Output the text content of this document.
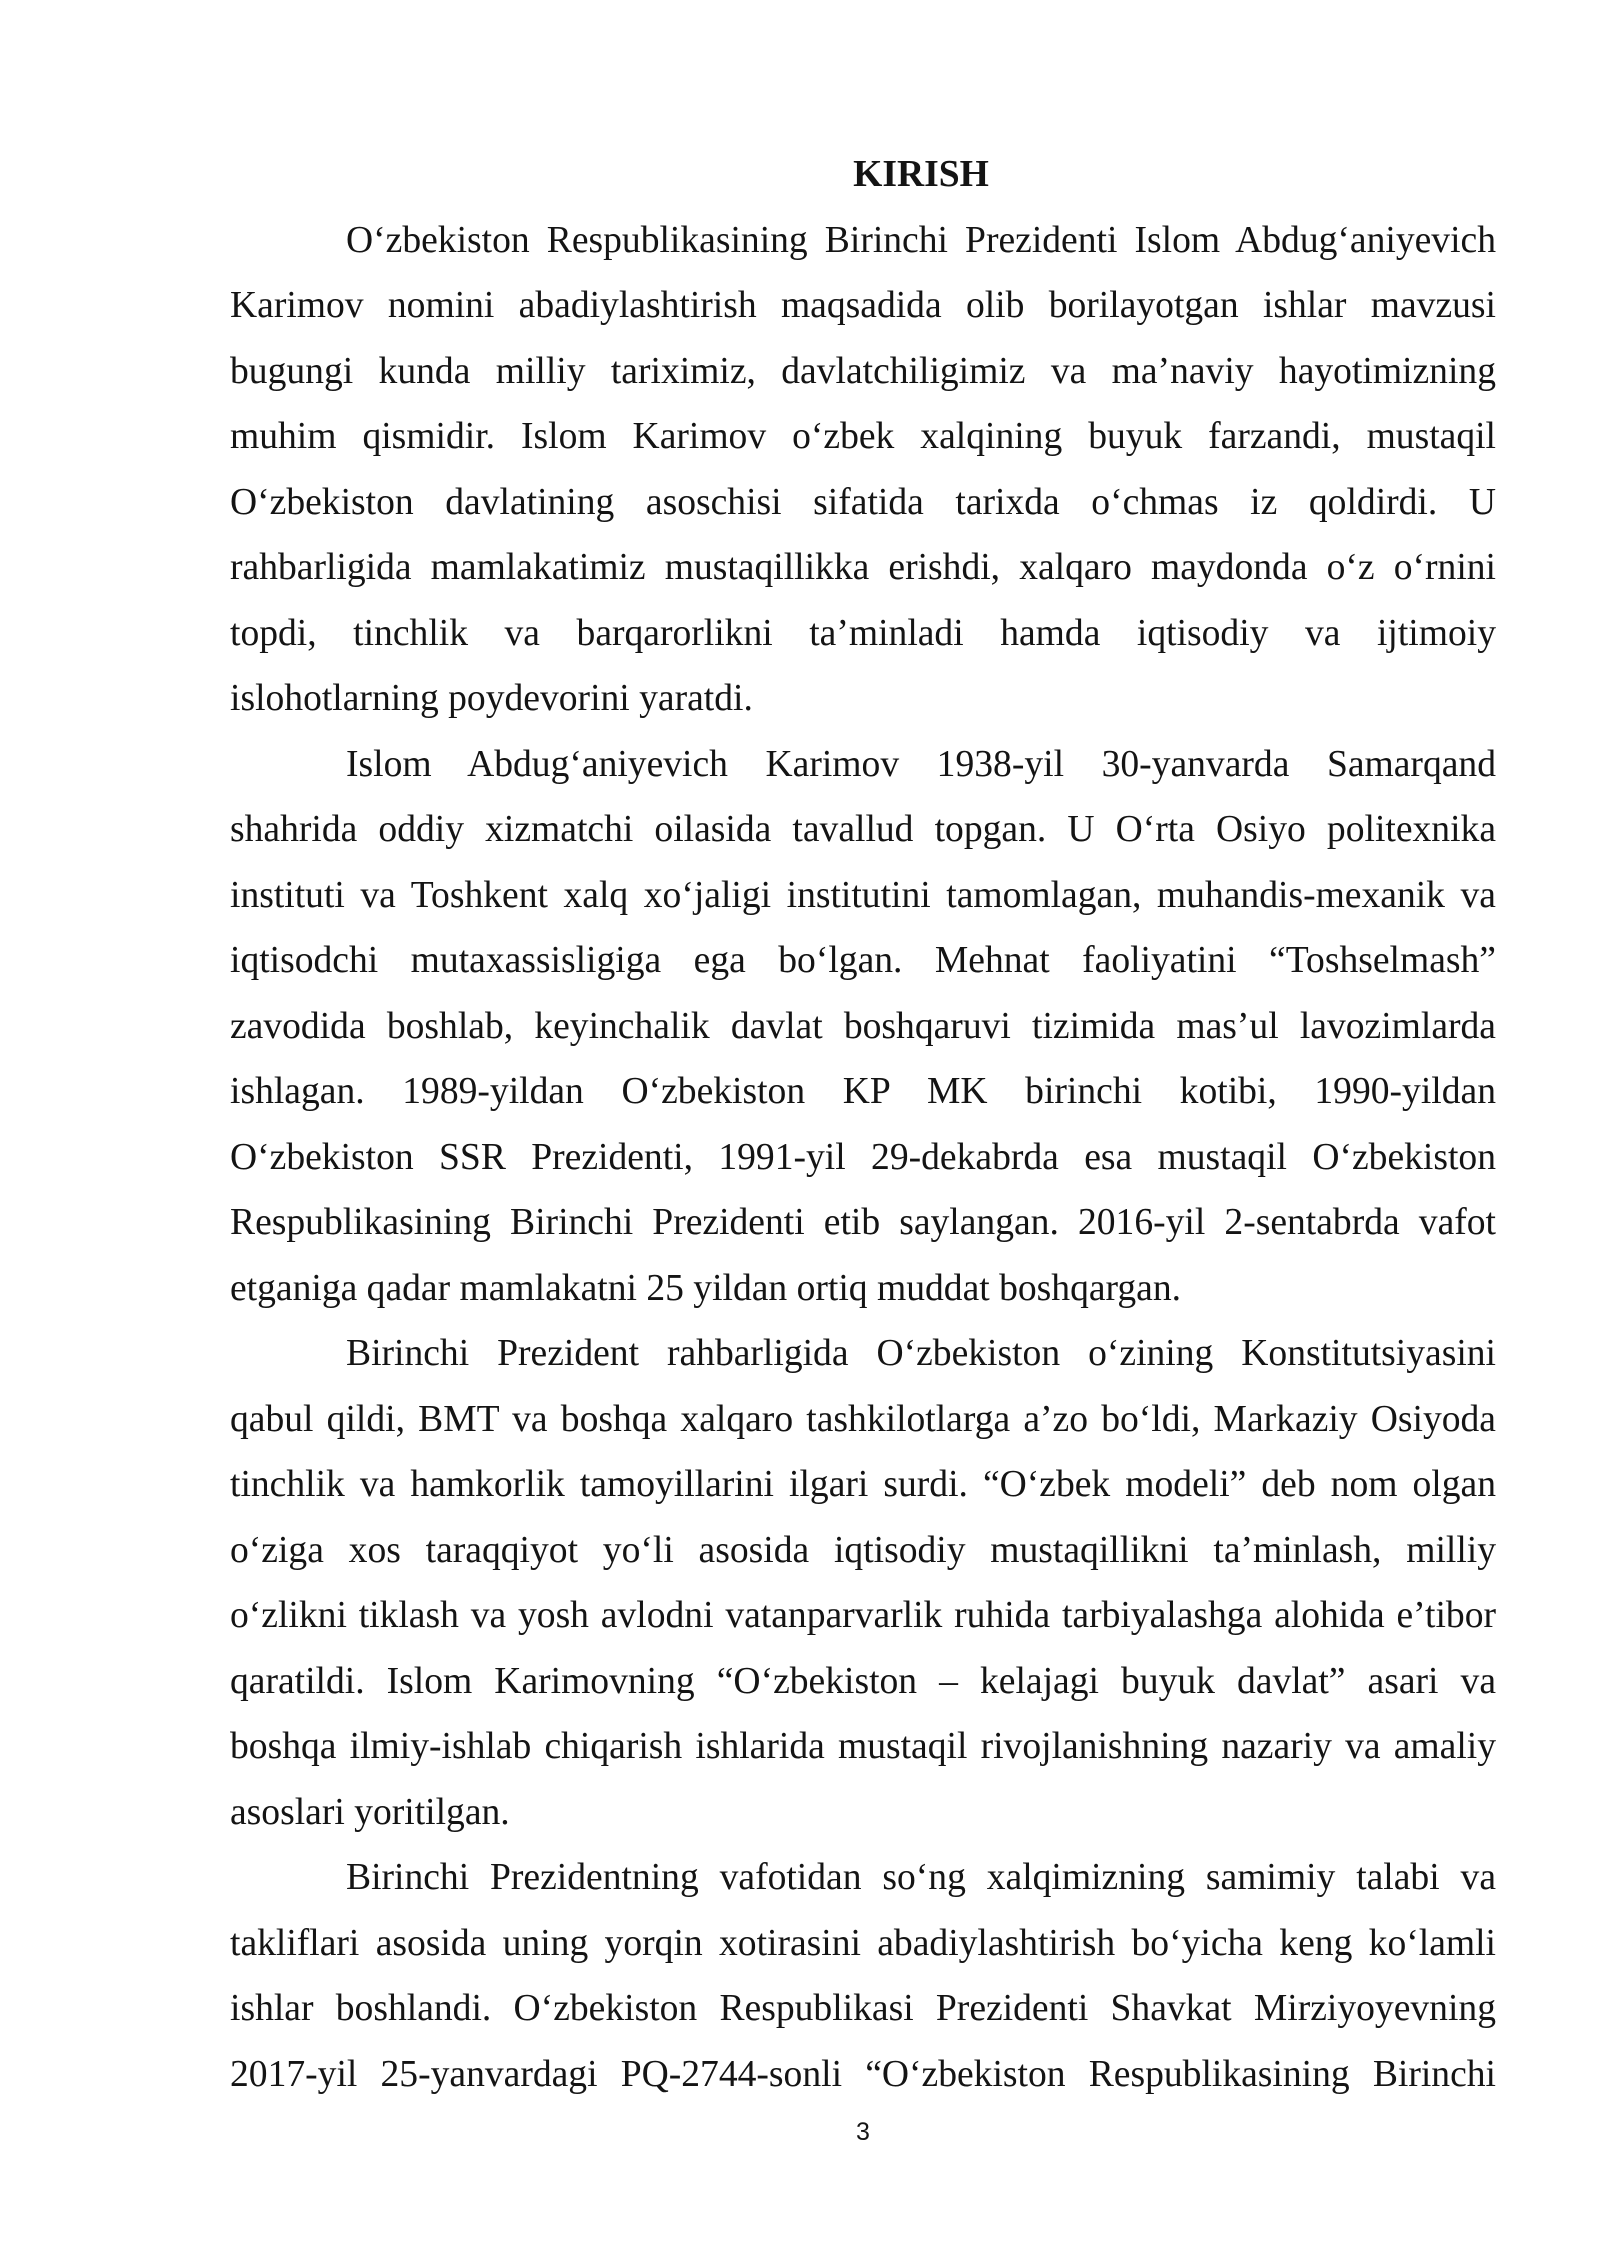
KIRISH
O‘zbekiston Respublikasining Birinchi Prezidenti Islom Abdug‘aniyevich
Karimov nomini abadiylashtirish maqsadida olib borilayotgan ishlar mavzusi
bugungi kunda milliy tariximiz, davlatchiligimiz va ma’naviy hayotimizning
muhim qismidir. Islom Karimov o‘zbek xalqining buyuk farzandi, mustaqil
O‘zbekiston davlatining asoschisi sifatida tarixda o‘chmas iz qoldirdi. U
rahbarligida mamlakatimiz mustaqillikka erishdi, xalqaro maydonda o‘z o‘rnini
topdi, tinchlik va barqarorlikni ta’minladi hamda iqtisodiy va ijtimoiy
islohotlarning poydevorini yaratdi.
Islom Abdug‘aniyevich Karimov 1938-yil 30-yanvarda Samarqand
shahrida oddiy xizmatchi oilasida tavallud topgan. U O‘rta Osiyo politexnika
instituti va Toshkent xalq xo‘jaligi institutini tamomlagan, muhandis-mexanik va
iqtisodchi mutaxassisligiga ega bo‘lgan. Mehnat faoliyatini “Toshselmash”
zavodida boshlab, keyinchalik davlat boshqaruvi tizimida mas’ul lavozimlarda
ishlagan. 1989-yildan O‘zbekiston KP MK birinchi kotibi, 1990-yildan
O‘zbekiston SSR Prezidenti, 1991-yil 29-dekabrda esa mustaqil O‘zbekiston
Respublikasining Birinchi Prezidenti etib saylangan. 2016-yil 2-sentabrda vafot
etganiga qadar mamlakatni 25 yildan ortiq muddat boshqargan.
Birinchi Prezident rahbarligida O‘zbekiston o‘zining Konstitutsiyasini
qabul qildi, BMT va boshqa xalqaro tashkilotlarga a’zo bo‘ldi, Markaziy Osiyoda
tinchlik va hamkorlik tamoyillarini ilgari surdi. “O‘zbek modeli” deb nom olgan
o‘ziga xos taraqqiyot yo‘li asosida iqtisodiy mustaqillikni ta’minlash, milliy
o‘zlikni tiklash va yosh avlodni vatanparvarlik ruhida tarbiyalashga alohida e’tibor
qaratildi. Islom Karimovning “O‘zbekiston – kelajagi buyuk davlat” asari va
boshqa ilmiy-ishlab chiqarish ishlarida mustaqil rivojlanishning nazariy va amaliy
asoslari yoritilgan.
Birinchi Prezidentning vafotidan so‘ng xalqimizning samimiy talabi va
takliflari asosida uning yorqin xotirasini abadiylashtirish bo‘yicha keng ko‘lamli
ishlar boshlandi. O‘zbekiston Respublikasi Prezidenti Shavkat Mirziyoyevning
2017-yil 25-yanvardagi PQ-2744-sonli “O‘zbekiston Respublikasining Birinchi
3
